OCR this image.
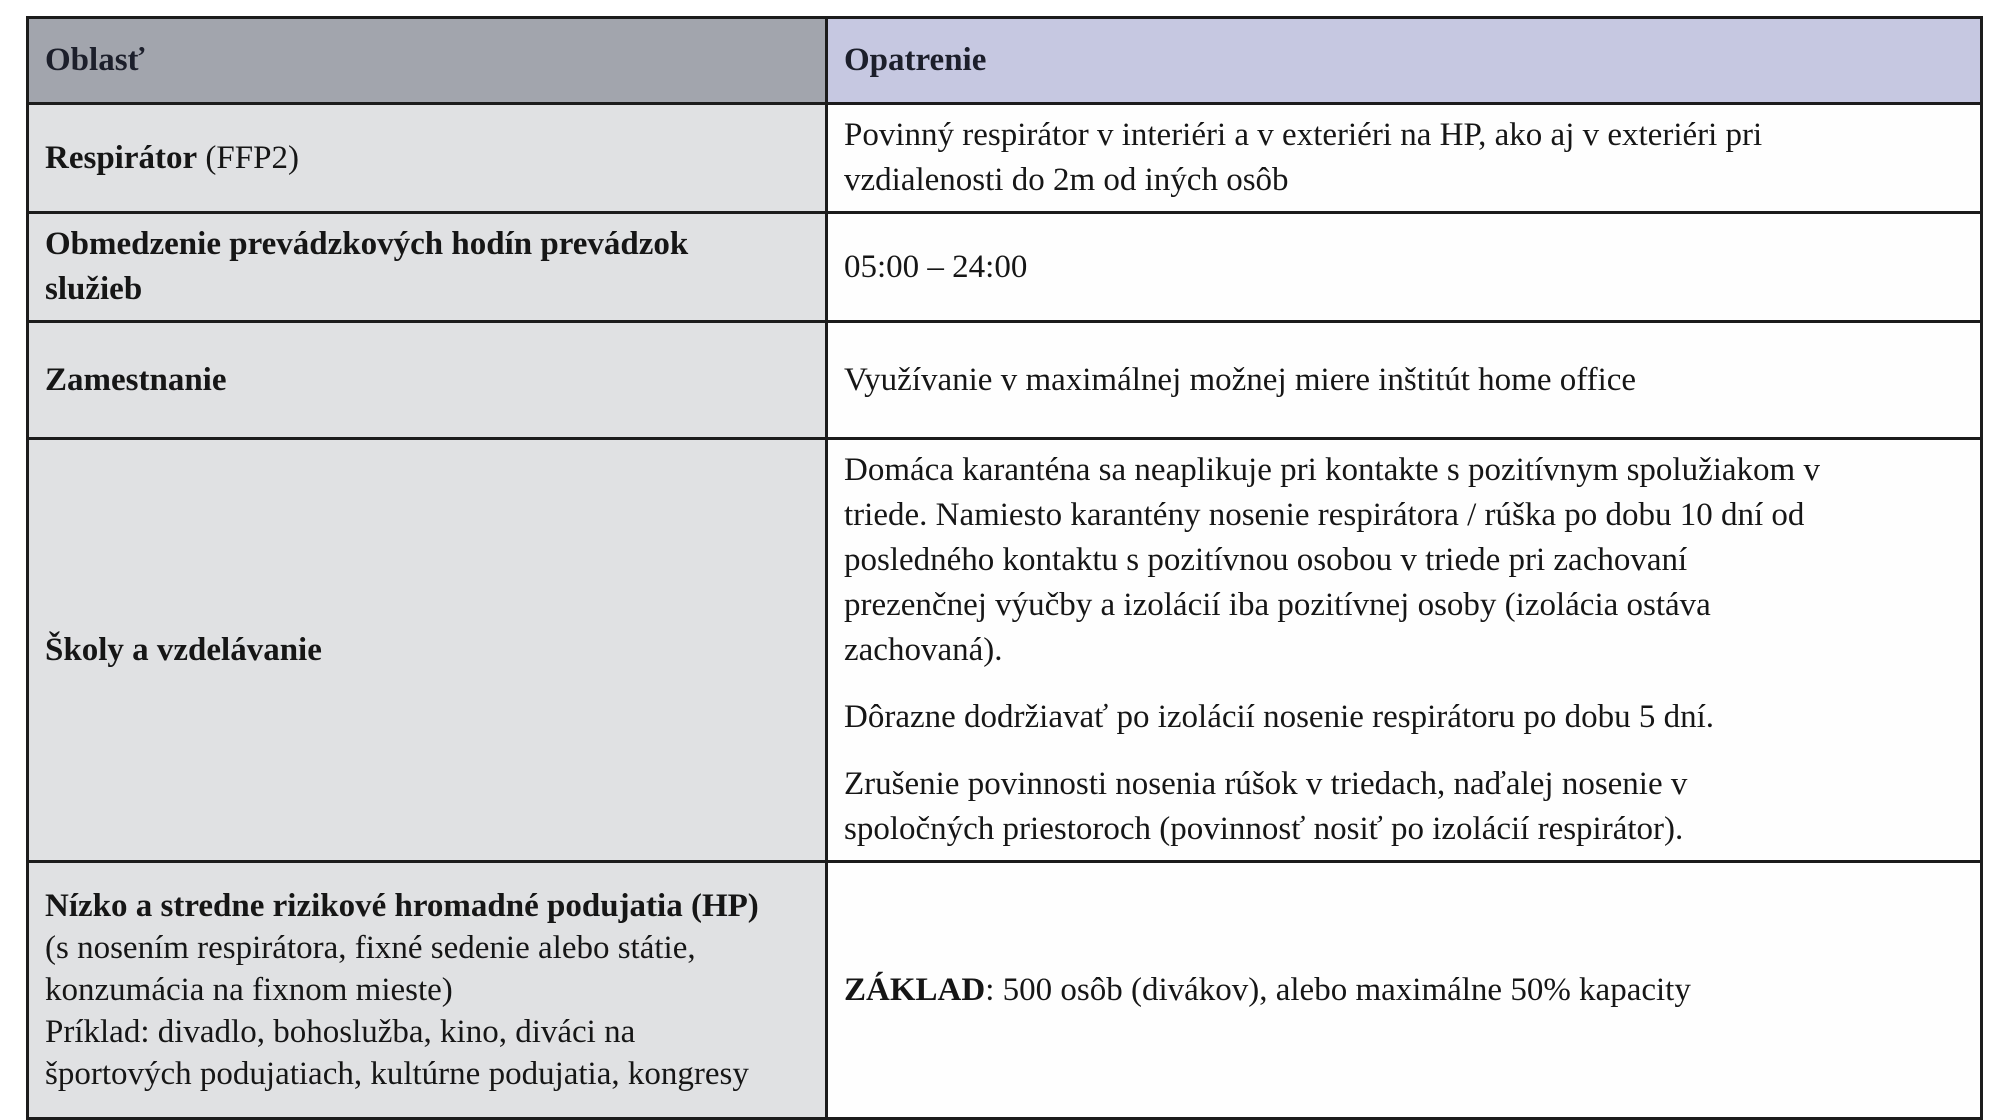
Oblasť	Opatrenie

Respirátor (FFP2)	Povinný respirátor v interiéri a v exteriéri na HP, ako aj v exteriéri pri vzdialenosti do 2m od iných osôb

Obmedzenie prevádzkových hodín prevádzok služieb	05:00 – 24:00

Zamestnanie	Využívanie v maximálnej možnej miere inštitút home office

Školy a vzdelávanie	Domáca karanténa sa neaplikuje pri kontakte s pozitívnym spolužiakom v triede. Namiesto karantény nosenie respirátora / rúška po dobu 10 dní od posledného kontaktu s pozitívnou osobou v triede pri zachovaní prezenčnej výučby a izolácií iba pozitívnej osoby (izolácia ostáva zachovaná).

Dôrazne dodržiavať po izolácií nosenie respirátoru po dobu 5 dní.

Zrušenie povinnosti nosenia rúšok v triedach, naďalej nosenie v spoločných priestoroch (povinnosť nosiť po izolácií respirátor).

Nízko a stredne rizikové hromadné podujatia (HP)
(s nosením respirátora, fixné sedenie alebo státie, konzumácia na fixnom mieste)
Príklad: divadlo, bohoslužba, kino, diváci na športových podujatiach, kultúrne podujatia, kongresy	ZÁKLAD: 500 osôb (divákov), alebo maximálne 50% kapacity
